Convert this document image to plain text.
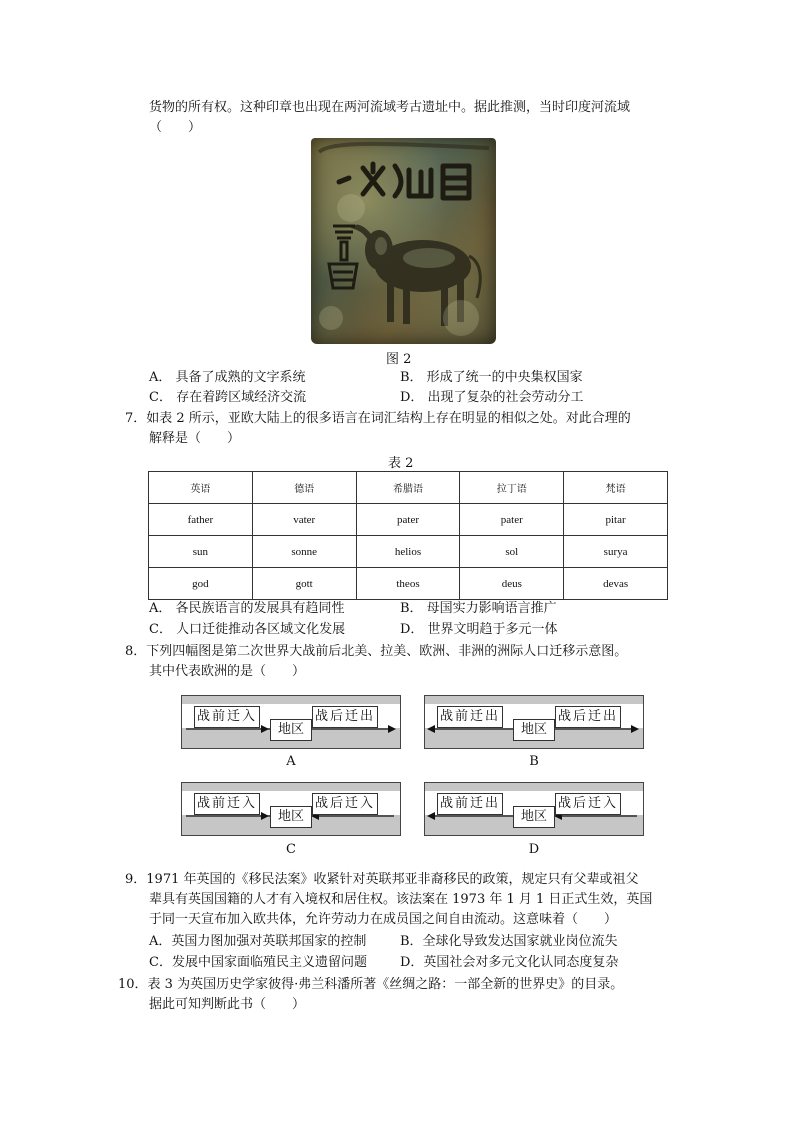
货物的所有权。这种印章也出现在两河流域考古遗址中。据此推测，当时印度河流域
（　　）
图 2
A． 具备了成熟的文字系统	B． 形成了统一的中央集权国家
C． 存在着跨区域经济交流	D． 出现了复杂的社会劳动分工
7．如表 2 所示，亚欧大陆上的很多语言在词汇结构上存在明显的相似之处。对此合理的
解释是（　　）
表 2
英语	德语	希腊语	拉丁语	梵语
father	vater	pater	pater	pitar
sun	sonne	helios	sol	surya
god	gott	theos	deus	devas
A． 各民族语言的发展具有趋同性	B． 母国实力影响语言推广
C． 人口迁徙推动各区域文化发展	D． 世界文明趋于多元一体
8．下列四幅图是第二次世界大战前后北美、拉美、欧洲、非洲的洲际人口迁移示意图。
其中代表欧洲的是（　　）
战前迁入	战后迁出
地区
A
战前迁出	战后迁出
地区
B
战前迁入	战后迁入
地区
C
战前迁出	战后迁入
地区
D
9．1971 年英国的《移民法案》收紧针对英联邦亚非裔移民的政策，规定只有父辈或祖父
辈具有英国国籍的人才有入境权和居住权。该法案在 1973 年 1 月 1 日正式生效，英国
于同一天宣布加入欧共体，允许劳动力在成员国之间自由流动。这意味着（　　）
A．英国力图加强对英联邦国家的控制	B．全球化导致发达国家就业岗位流失
C．发展中国家面临殖民主义遗留问题	D．英国社会对多元文化认同态度复杂
10．表 3 为英国历史学家彼得·弗兰科潘所著《丝绸之路：一部全新的世界史》的目录。
据此可知判断此书（　　）
